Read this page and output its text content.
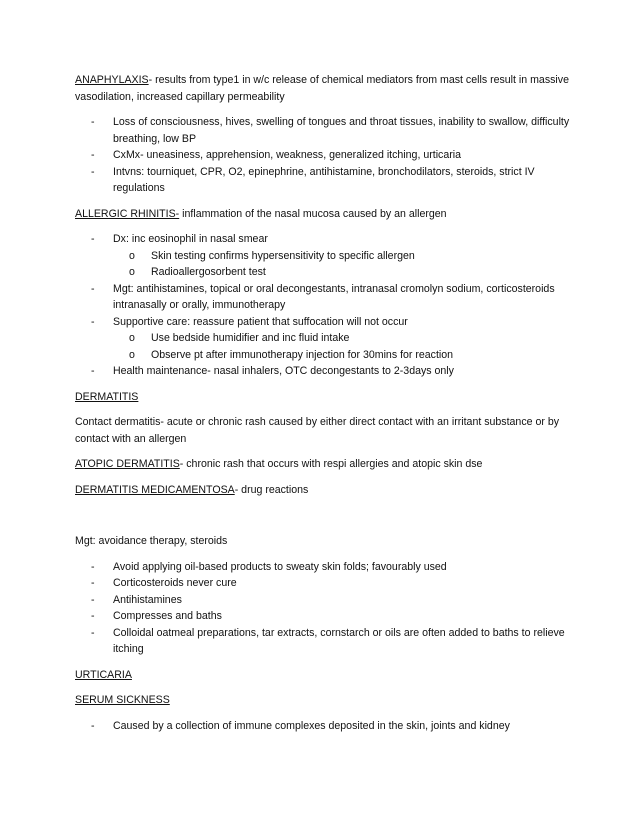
ANAPHYLAXIS- results from type1 in w/c release of chemical mediators from mast cells result in massive vasodilation, increased capillary permeability

- Loss of consciousness, hives, swelling of tongues and throat tissues, inability to swallow, difficulty breathing, low BP
- CxMx- uneasiness, apprehension, weakness, generalized itching, urticaria
- Intvns: tourniquet, CPR, O2, epinephrine, antihistamine, bronchodilators, steroids, strict IV regulations

ALLERGIC RHINITIS- inflammation of the nasal mucosa caused by an allergen

- Dx: inc eosinophil in nasal smear
o Skin testing confirms hypersensitivity to specific allergen
o Radioallergosorbent test
- Mgt: antihistamines, topical or oral decongestants, intranasal cromolyn sodium, corticosteroids intranasally or orally, immunotherapy
- Supportive care: reassure patient that suffocation will not occur
o Use bedside humidifier and inc fluid intake
o Observe pt after immunotherapy injection for 30mins for reaction
- Health maintenance- nasal inhalers, OTC decongestants to 2-3days only

DERMATITIS

Contact dermatitis- acute or chronic rash caused by either direct contact with an irritant substance or by contact with an allergen

ATOPIC DERMATITIS- chronic rash that occurs with respi allergies and atopic skin dse

DERMATITIS MEDICAMENTOSA- drug reactions

Mgt: avoidance therapy, steroids

- Avoid applying oil-based products to sweaty skin folds; favourably used
- Corticosteroids never cure
- Antihistamines
- Compresses and baths
- Colloidal oatmeal preparations, tar extracts, cornstarch or oils are often added to baths to relieve itching

URTICARIA

SERUM SICKNESS

- Caused by a collection of immune complexes deposited in the skin, joints and kidney
